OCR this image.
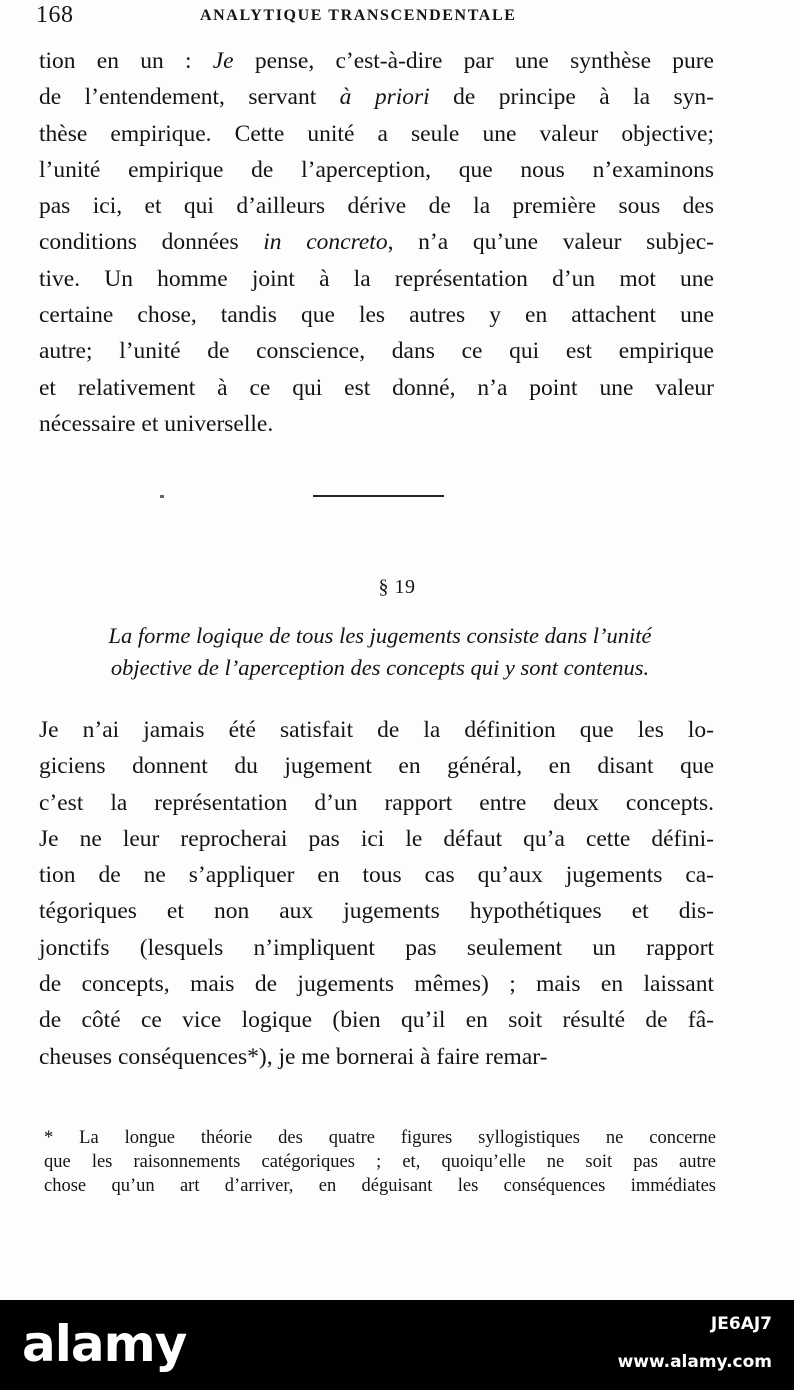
168	ANALYTIQUE TRANSCENDENTALE
tion en un : Je pense, c’est-à-dire par une synthèse pure
de l’entendement, servant à priori de principe à la syn-
thèse empirique. Cette unité a seule une valeur objective;
l’unité empirique de l’aperception, que nous n’examinons
pas ici, et qui d’ailleurs dérive de la première sous des
conditions données in concreto, n’a qu’une valeur subjec-
tive. Un homme joint à la représentation d’un mot une
certaine chose, tandis que les autres y en attachent une
autre; l’unité de conscience, dans ce qui est empirique
et relativement à ce qui est donné, n’a point une valeur
nécessaire et universelle.
§ 19
La forme logique de tous les jugements consiste dans l’unité
objective de l’aperception des concepts qui y sont contenus.
Je n’ai jamais été satisfait de la définition que les lo-
giciens donnent du jugement en général, en disant que
c’est la représentation d’un rapport entre deux concepts.
Je ne leur reprocherai pas ici le défaut qu’a cette défini-
tion de ne s’appliquer en tous cas qu’aux jugements ca-
tégoriques et non aux jugements hypothétiques et dis-
jonctifs (lesquels n’impliquent pas seulement un rapport
de concepts, mais de jugements mêmes) ; mais en laissant
de côté ce vice logique (bien qu’il en soit résulté de fâ-
cheuses conséquences*), je me bornerai à faire remar-
* La longue théorie des quatre figures syllogistiques ne concerne
que les raisonnements catégoriques ; et, quoiqu’elle ne soit pas autre
chose qu’un art d’arriver, en déguisant les conséquences immédiates
alamy	JE6AJ7
www.alamy.com
